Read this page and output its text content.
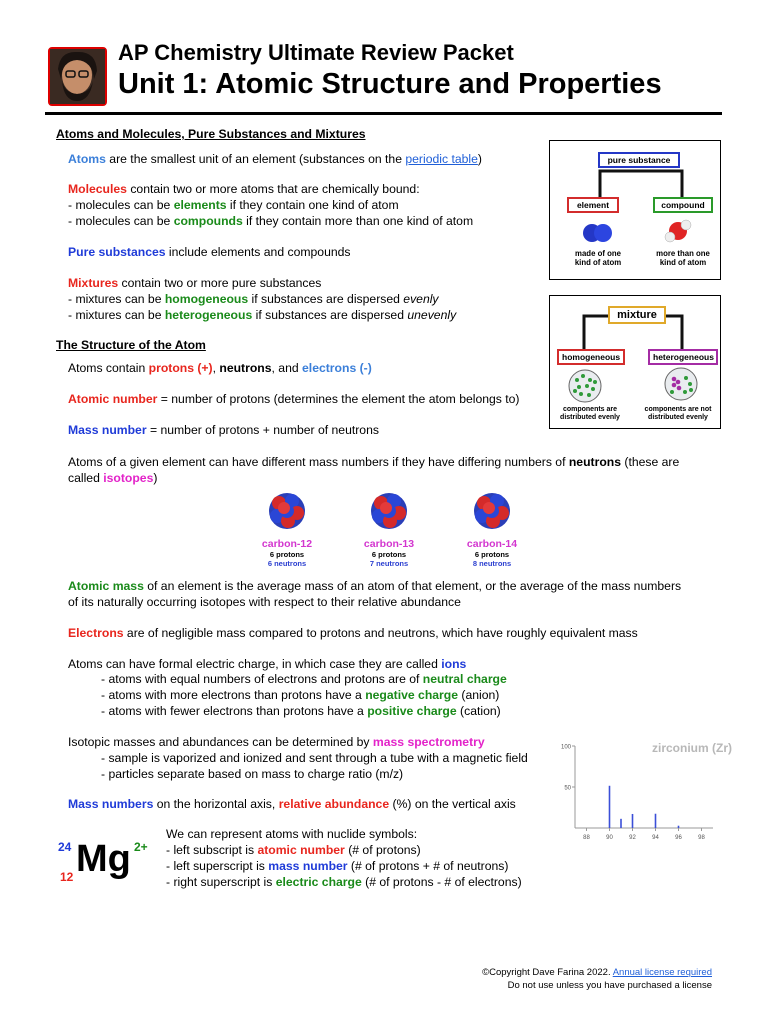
AP Chemistry Ultimate Review Packet
Unit 1: Atomic Structure and Properties
Atoms and Molecules, Pure Substances and Mixtures
Atoms are the smallest unit of an element (substances on the periodic table)
Molecules contain two or more atoms that are chemically bound:
- molecules can be elements if they contain one kind of atom
- molecules can be compounds if they contain more than one kind of atom
Pure substances include elements and compounds
Mixtures contain two or more pure substances
- mixtures can be homogeneous if substances are dispersed evenly
- mixtures can be heterogeneous if substances are dispersed unevenly
pure substance
element	compound
made of one
kind of atom
more than one
kind of atom
mixture
homogeneous	heterogeneous
components are
distributed evenly
components are not
distributed evenly
The Structure of the Atom
Atoms contain protons (+), neutrons, and electrons (-)
Atomic number = number of protons (determines the element the atom belongs to)
Mass number = number of protons + number of neutrons
Atoms of a given element can have different mass numbers if they have differing numbers of neutrons (these are
called isotopes)
carbon-12
6 protons
6 neutrons
carbon-13
6 protons
7 neutrons
carbon-14
6 protons
8 neutrons
Atomic mass of an element is the average mass of an atom of that element, or the average of the mass numbers
of its naturally occurring isotopes with respect to their relative abundance
Electrons are of negligible mass compared to protons and neutrons, which have roughly equivalent mass
Atoms can have formal electric charge, in which case they are called ions
- atoms with equal numbers of electrons and protons are of neutral charge
- atoms with more electrons than protons have a negative charge (anion)
- atoms with fewer electrons than protons have a positive charge (cation)
Isotopic masses and abundances can be determined by mass spectrometry
- sample is vaporized and ionized and sent through a tube with a magnetic field
- particles separate based on mass to charge ratio (m/z)
Mass numbers on the horizontal axis, relative abundance (%) on the vertical axis
zirconium (Zr)
100
50
88	90	92	94	96	98
24
12 Mg 2+
We can represent atoms with nuclide symbols:
- left subscript is atomic number (# of protons)
- left superscript is mass number (# of protons + # of neutrons)
- right superscript is electric charge (# of protons - # of electrons)
©Copyright Dave Farina 2022. Annual license required
Do not use unless you have purchased a license
